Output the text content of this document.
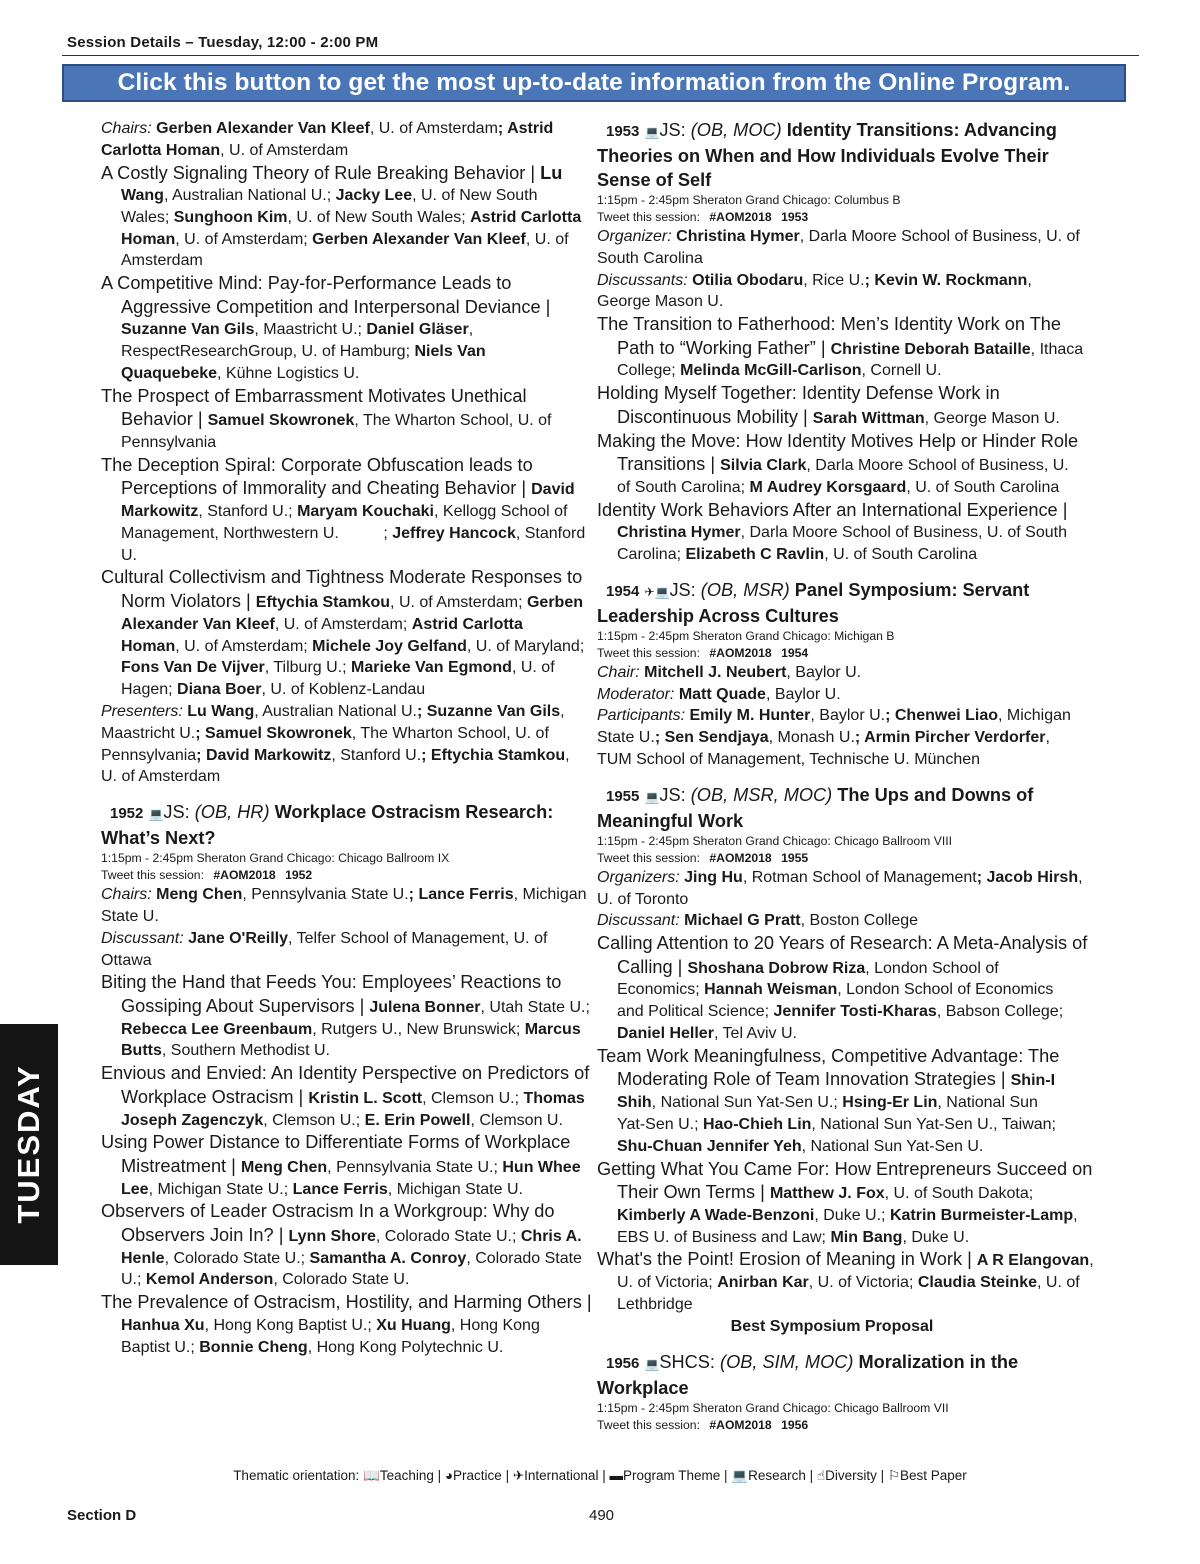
Session Details – Tuesday, 12:00 - 2:00 PM
Click this button to get the most up-to-date information from the Online Program.
Chairs: Gerben Alexander Van Kleef, U. of Amsterdam; Astrid
Carlotta Homan, U. of Amsterdam
A Costly Signaling Theory of Rule Breaking Behavior | Lu
Wang, Australian National U.; Jacky Lee, U. of New South
Wales; Sunghoon Kim, U. of New South Wales; Astrid Carlotta
Homan, U. of Amsterdam; Gerben Alexander Van Kleef, U. of
Amsterdam
A Competitive Mind: Pay-for-Performance Leads to
Aggressive Competition and Interpersonal Deviance |
Suzanne Van Gils, Maastricht U.; Daniel Gläser,
RespectResearchGroup, U. of Hamburg; Niels Van
Quaquebeke, Kühne Logistics U.
The Prospect of Embarrassment Motivates Unethical
Behavior | Samuel Skowronek, The Wharton School, U. of
Pennsylvania
The Deception Spiral: Corporate Obfuscation leads to
Perceptions of Immorality and Cheating Behavior | David
Markowitz, Stanford U.; Maryam Kouchaki, Kellogg School of
Management, Northwestern U.          ; Jeffrey Hancock, Stanford
U.
Cultural Collectivism and Tightness Moderate Responses to
Norm Violators | Eftychia Stamkou, U. of Amsterdam; Gerben
Alexander Van Kleef, U. of Amsterdam; Astrid Carlotta
Homan, U. of Amsterdam; Michele Joy Gelfand, U. of Maryland;
Fons Van De Vijver, Tilburg U.; Marieke Van Egmond, U. of
Hagen; Diana Boer, U. of Koblenz-Landau
Presenters: Lu Wang, Australian National U.; Suzanne Van Gils,
Maastricht U.; Samuel Skowronek, The Wharton School, U. of
Pennsylvania; David Markowitz, Stanford U.; Eftychia Stamkou,
U. of Amsterdam
1952 💻JS: (OB, HR) Workplace Ostracism Research:
What’s Next?
1:15pm - 2:45pm Sheraton Grand Chicago: Chicago Ballroom IX
Tweet this session: #AOM2018 1952
Chairs: Meng Chen, Pennsylvania State U.; Lance Ferris, Michigan
State U.
Discussant: Jane O'Reilly, Telfer School of Management, U. of
Ottawa
Biting the Hand that Feeds You: Employees’ Reactions to
Gossiping About Supervisors | Julena Bonner, Utah State U.;
Rebecca Lee Greenbaum, Rutgers U., New Brunswick; Marcus
Butts, Southern Methodist U.
Envious and Envied: An Identity Perspective on Predictors of
Workplace Ostracism | Kristin L. Scott, Clemson U.; Thomas
Joseph Zagenczyk, Clemson U.; E. Erin Powell, Clemson U.
Using Power Distance to Differentiate Forms of Workplace
Mistreatment | Meng Chen, Pennsylvania State U.; Hun Whee
Lee, Michigan State U.; Lance Ferris, Michigan State U.
Observers of Leader Ostracism In a Workgroup: Why do
Observers Join In? | Lynn Shore, Colorado State U.; Chris A.
Henle, Colorado State U.; Samantha A. Conroy, Colorado State
U.; Kemol Anderson, Colorado State U.
The Prevalence of Ostracism, Hostility, and Harming Others |
Hanhua Xu, Hong Kong Baptist U.; Xu Huang, Hong Kong
Baptist U.; Bonnie Cheng, Hong Kong Polytechnic U.
1953 💻JS: (OB, MOC) Identity Transitions: Advancing
Theories on When and How Individuals Evolve Their
Sense of Self
1:15pm - 2:45pm Sheraton Grand Chicago: Columbus B
Tweet this session: #AOM2018 1953
Organizer: Christina Hymer, Darla Moore School of Business, U. of
South Carolina
Discussants: Otilia Obodaru, Rice U.; Kevin W. Rockmann,
George Mason U.
The Transition to Fatherhood: Men’s Identity Work on The
Path to “Working Father” | Christine Deborah Bataille, Ithaca
College; Melinda McGill-Carlison, Cornell U.
Holding Myself Together: Identity Defense Work in
Discontinuous Mobility | Sarah Wittman, George Mason U.
Making the Move: How Identity Motives Help or Hinder Role
Transitions | Silvia Clark, Darla Moore School of Business, U.
of South Carolina; M Audrey Korsgaard, U. of South Carolina
Identity Work Behaviors After an International Experience |
Christina Hymer, Darla Moore School of Business, U. of South
Carolina; Elizabeth C Ravlin, U. of South Carolina
1954 ✈💻JS: (OB, MSR) Panel Symposium: Servant
Leadership Across Cultures
1:15pm - 2:45pm Sheraton Grand Chicago: Michigan B
Tweet this session: #AOM2018 1954
Chair: Mitchell J. Neubert, Baylor U.
Moderator: Matt Quade, Baylor U.
Participants: Emily M. Hunter, Baylor U.; Chenwei Liao, Michigan
State U.; Sen Sendjaya, Monash U.; Armin Pircher Verdorfer,
TUM School of Management, Technische U. München
1955 💻JS: (OB, MSR, MOC) The Ups and Downs of
Meaningful Work
1:15pm - 2:45pm Sheraton Grand Chicago: Chicago Ballroom VIII
Tweet this session: #AOM2018 1955
Organizers: Jing Hu, Rotman School of Management; Jacob Hirsh,
U. of Toronto
Discussant: Michael G Pratt, Boston College
Calling Attention to 20 Years of Research: A Meta-Analysis of
Calling | Shoshana Dobrow Riza, London School of
Economics; Hannah Weisman, London School of Economics
and Political Science; Jennifer Tosti-Kharas, Babson College;
Daniel Heller, Tel Aviv U.
Team Work Meaningfulness, Competitive Advantage: The
Moderating Role of Team Innovation Strategies | Shin-I
Shih, National Sun Yat-Sen U.; Hsing-Er Lin, National Sun
Yat-Sen U.; Hao-Chieh Lin, National Sun Yat-Sen U., Taiwan;
Shu-Chuan Jennifer Yeh, National Sun Yat-Sen U.
Getting What You Came For: How Entrepreneurs Succeed on
Their Own Terms | Matthew J. Fox, U. of South Dakota;
Kimberly A Wade-Benzoni, Duke U.; Katrin Burmeister-Lamp,
EBS U. of Business and Law; Min Bang, Duke U.
What's the Point! Erosion of Meaning in Work | A R Elangovan,
U. of Victoria; Anirban Kar, U. of Victoria; Claudia Steinke, U. of
Lethbridge
Best Symposium Proposal
1956 💻SHCS: (OB, SIM, MOC) Moralization in the
Workplace
1:15pm - 2:45pm Sheraton Grand Chicago: Chicago Ballroom VII
Tweet this session: #AOM2018 1956
TUESDAY
Thematic orientation: 📖Teaching | ◕Practice | ✈International | ▬Program Theme | 💻Research | ☝Diversity | ⚐Best Paper
Section D	490
